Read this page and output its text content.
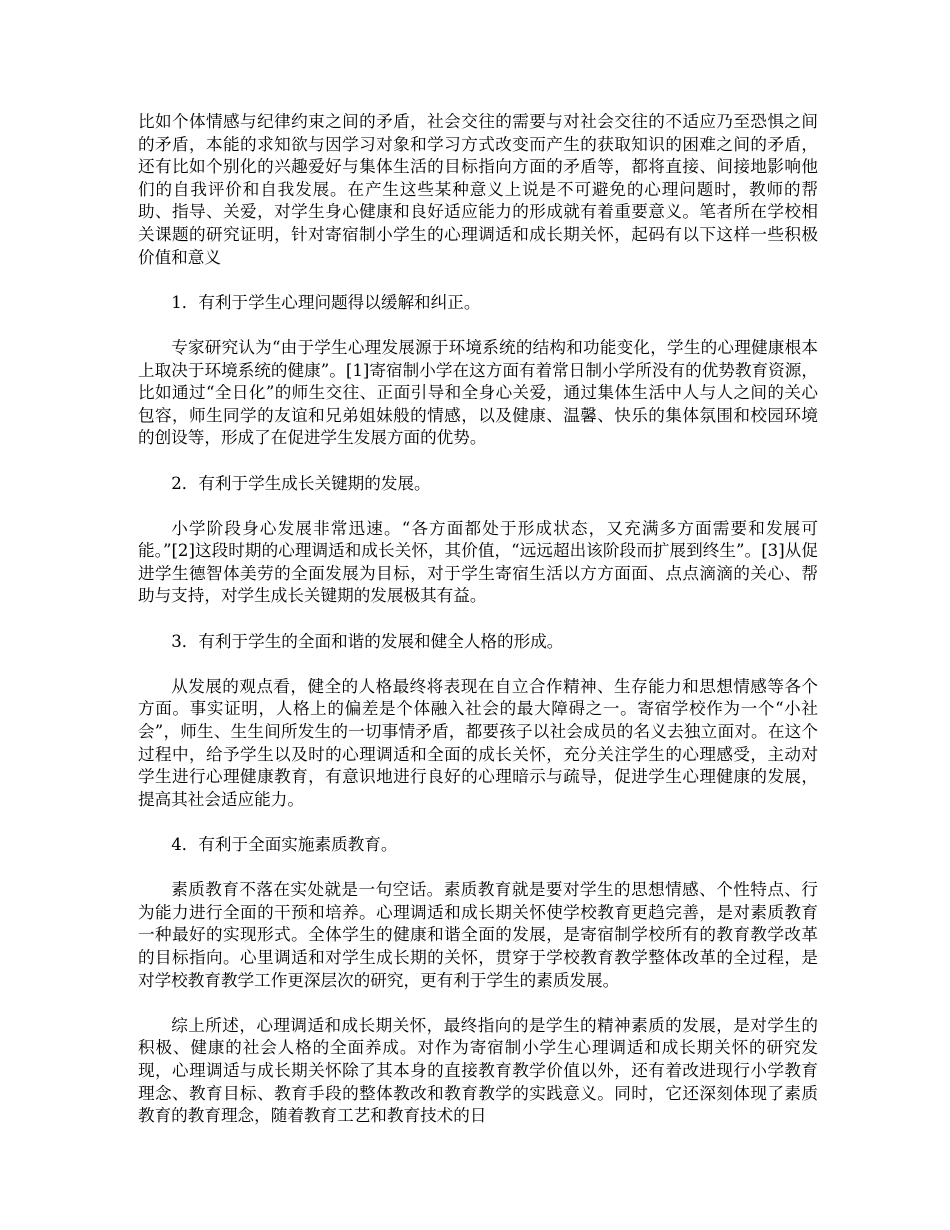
比如个体情感与纪律约束之间的矛盾，社会交往的需要与对社会交往的不适应乃至恐惧之间的矛盾，本能的求知欲与因学习对象和学习方式改变而产生的获取知识的困难之间的矛盾，还有比如个别化的兴趣爱好与集体生活的目标指向方面的矛盾等，都将直接、间接地影响他们的自我评价和自我发展。在产生这些某种意义上说是不可避免的心理问题时，教师的帮助、指导、关爱，对学生身心健康和良好适应能力的形成就有着重要意义。笔者所在学校相关课题的研究证明，针对寄宿制小学生的心理调适和成长期关怀，起码有以下这样一些积极价值和意义

1．有利于学生心理问题得以缓解和纠正。

专家研究认为“由于学生心理发展源于环境系统的结构和功能变化，学生的心理健康根本上取决于环境系统的健康”。[1]寄宿制小学在这方面有着常日制小学所没有的优势教育资源，比如通过“全日化”的师生交往、正面引导和全身心关爱，通过集体生活中人与人之间的关心包容，师生同学的友谊和兄弟姐妹般的情感，以及健康、温馨、快乐的集体氛围和校园环境的创设等，形成了在促进学生发展方面的优势。

2．有利于学生成长关键期的发展。

小学阶段身心发展非常迅速。“各方面都处于形成状态，又充满多方面需要和发展可能。”[2]这段时期的心理调适和成长关怀，其价值，“远远超出该阶段而扩展到终生”。[3]从促进学生德智体美劳的全面发展为目标，对于学生寄宿生活以方方面面、点点滴滴的关心、帮助与支持，对学生成长关键期的发展极其有益。

3．有利于学生的全面和谐的发展和健全人格的形成。

从发展的观点看，健全的人格最终将表现在自立合作精神、生存能力和思想情感等各个方面。事实证明，人格上的偏差是个体融入社会的最大障碍之一。寄宿学校作为一个“小社会”，师生、生生间所发生的一切事情矛盾，都要孩子以社会成员的名义去独立面对。在这个过程中，给予学生以及时的心理调适和全面的成长关怀，充分关注学生的心理感受，主动对学生进行心理健康教育，有意识地进行良好的心理暗示与疏导，促进学生心理健康的发展，提高其社会适应能力。

4．有利于全面实施素质教育。

素质教育不落在实处就是一句空话。素质教育就是要对学生的思想情感、个性特点、行为能力进行全面的干预和培养。心理调适和成长期关怀使学校教育更趋完善，是对素质教育一种最好的实现形式。全体学生的健康和谐全面的发展，是寄宿制学校所有的教育教学改革的目标指向。心里调适和对学生成长期的关怀，贯穿于学校教育教学整体改革的全过程，是对学校教育教学工作更深层次的研究，更有利于学生的素质发展。

综上所述，心理调适和成长期关怀，最终指向的是学生的精神素质的发展，是对学生的积极、健康的社会人格的全面养成。对作为寄宿制小学生心理调适和成长期关怀的研究发现，心理调适与成长期关怀除了其本身的直接教育教学价值以外，还有着改进现行小学教育理念、教育目标、教育手段的整体教改和教育教学的实践意义。同时，它还深刻体现了素质教育的教育理念，随着教育工艺和教育技术的日
